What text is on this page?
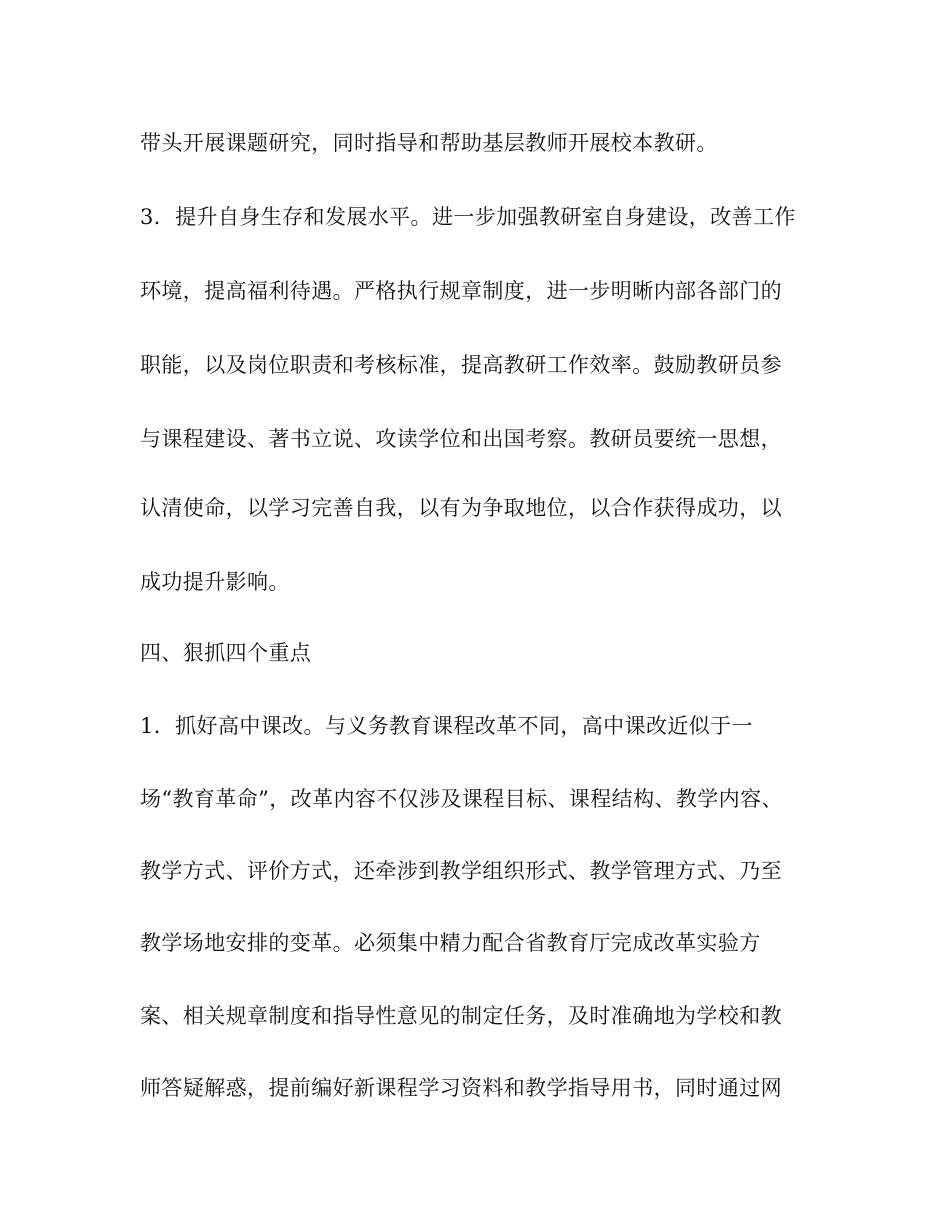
带头开展课题研究，同时指导和帮助基层教师开展校本教研。
3．提升自身生存和发展水平。进一步加强教研室自身建设，改善工作
环境，提高福利待遇。严格执行规章制度，进一步明晰内部各部门的
职能，以及岗位职责和考核标准，提高教研工作效率。鼓励教研员参
与课程建设、著书立说、攻读学位和出国考察。教研员要统一思想，
认清使命，以学习完善自我，以有为争取地位，以合作获得成功，以
成功提升影响。
四、狠抓四个重点
1．抓好高中课改。与义务教育课程改革不同，高中课改近似于一
场“教育革命”，改革内容不仅涉及课程目标、课程结构、教学内容、
教学方式、评价方式，还牵涉到教学组织形式、教学管理方式、乃至
教学场地安排的变革。必须集中精力配合省教育厅完成改革实验方
案、相关规章制度和指导性意见的制定任务，及时准确地为学校和教
师答疑解惑，提前编好新课程学习资料和教学指导用书，同时通过网
